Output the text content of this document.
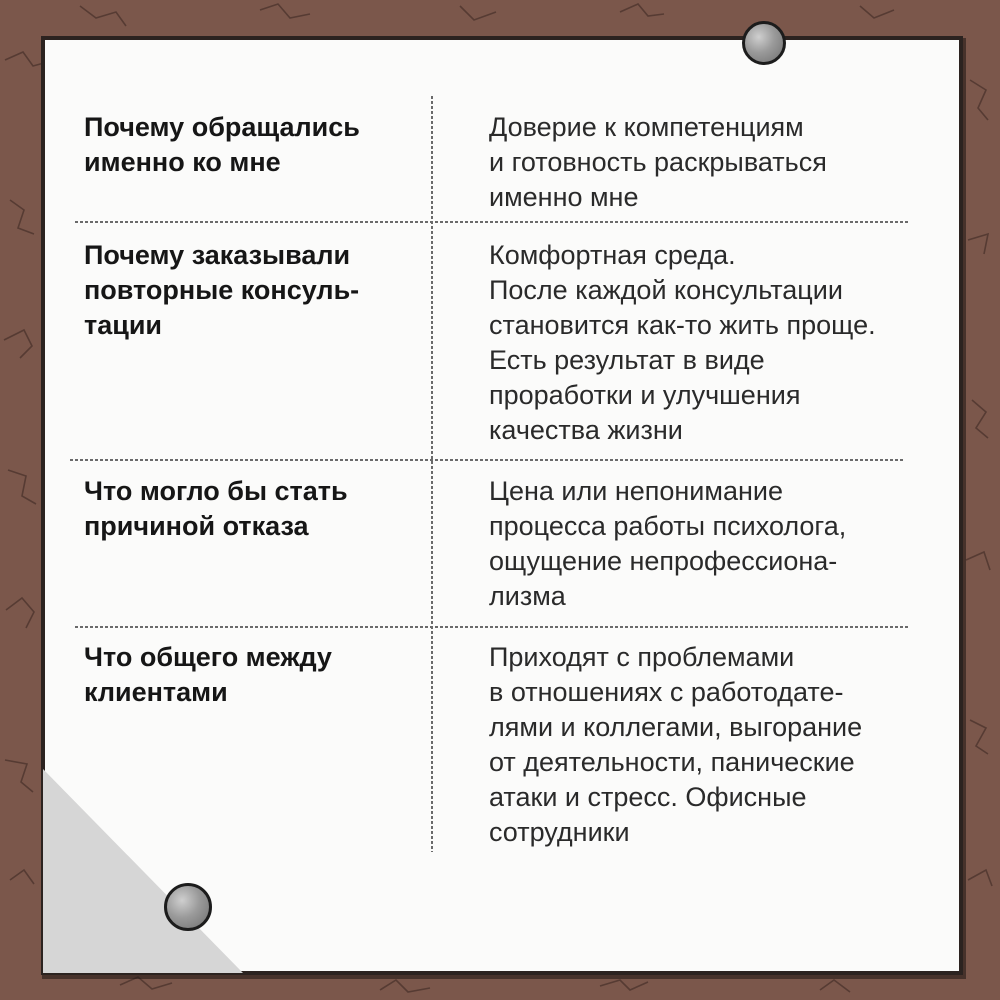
Почему обращались
именно ко мне
Доверие к компетенциям
и готовность раскрываться
именно мне
Почему заказывали
повторные консуль-
тации
Комфортная среда.
После каждой консультации
становится как-то жить проще.
Есть результат в виде
проработки и улучшения
качества жизни
Что могло бы стать
причиной отказа
Цена или непонимание
процесса работы психолога,
ощущение непрофессиона-
лизма
Что общего между
клиентами
Приходят с проблемами
в отношениях с работодате-
лями и коллегами, выгорание
от деятельности, панические
атаки и стресс. Офисные
сотрудники
